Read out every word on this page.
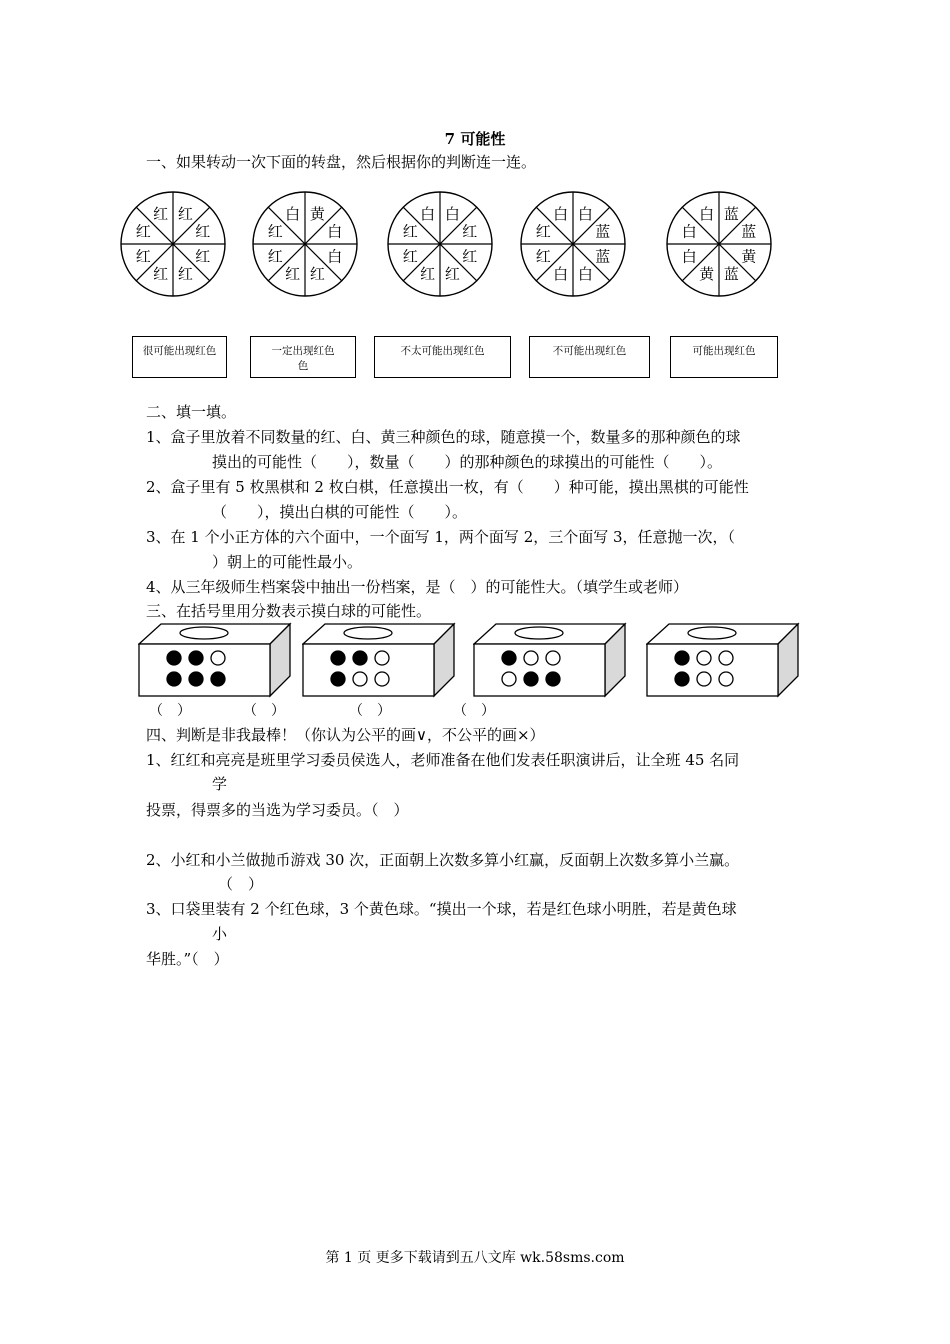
7 可能性
一、如果转动一次下面的转盘，然后根据你的判断连一连。
红
红 红
红
红
红
红
红
红
白 黄
白
白
红
红
红
红
白 白
红
红
红
红
红
红
白 白
蓝
蓝
白
白
红
白
白 蓝
蓝
黄
蓝
黄
白
很可能出现红色	一定出现红色色
不太可能出现红色	不可能出现红色	可能出现红色
二、填一填。
1、盒子里放着不同数量的红、白、黄三种颜色的球，随意摸一个，数量多的那种颜色的球
摸出的可能性（　　），数量（　　）的那种颜色的球摸出的可能性（　　）。
2、盒子里有 5 枚黑棋和 2 枚白棋，任意摸出一枚，有（　　）种可能，摸出黑棋的可能性
（　　），摸出白棋的可能性（　　）。
3、在 1 个小正方体的六个面中，一个面写 1，两个面写 2，三个面写 3，任意抛一次，（
）朝上的可能性最小。
4、从三年级师生档案袋中抽出一份档案，是（　）的可能性大。（填学生或老师）
三、在括号里用分数表示摸白球的可能性。
（　）	（　）	（　）	（　）
四、判断是非我最棒！（你认为公平的画∨，不公平的画×）
1、红红和亮亮是班里学习委员侯选人，老师准备在他们发表任职演讲后，让全班 45 名同
学
投票，得票多的当选为学习委员。（　）
2、小红和小兰做抛币游戏 30 次，正面朝上次数多算小红赢，反面朝上次数多算小兰赢。
（　）
3、口袋里装有 2 个红色球，3 个黄色球。“摸出一个球，若是红色球小明胜，若是黄色球
小
华胜。”（　）
第 1 页 更多下载请到五八文库 wk.58sms.com
